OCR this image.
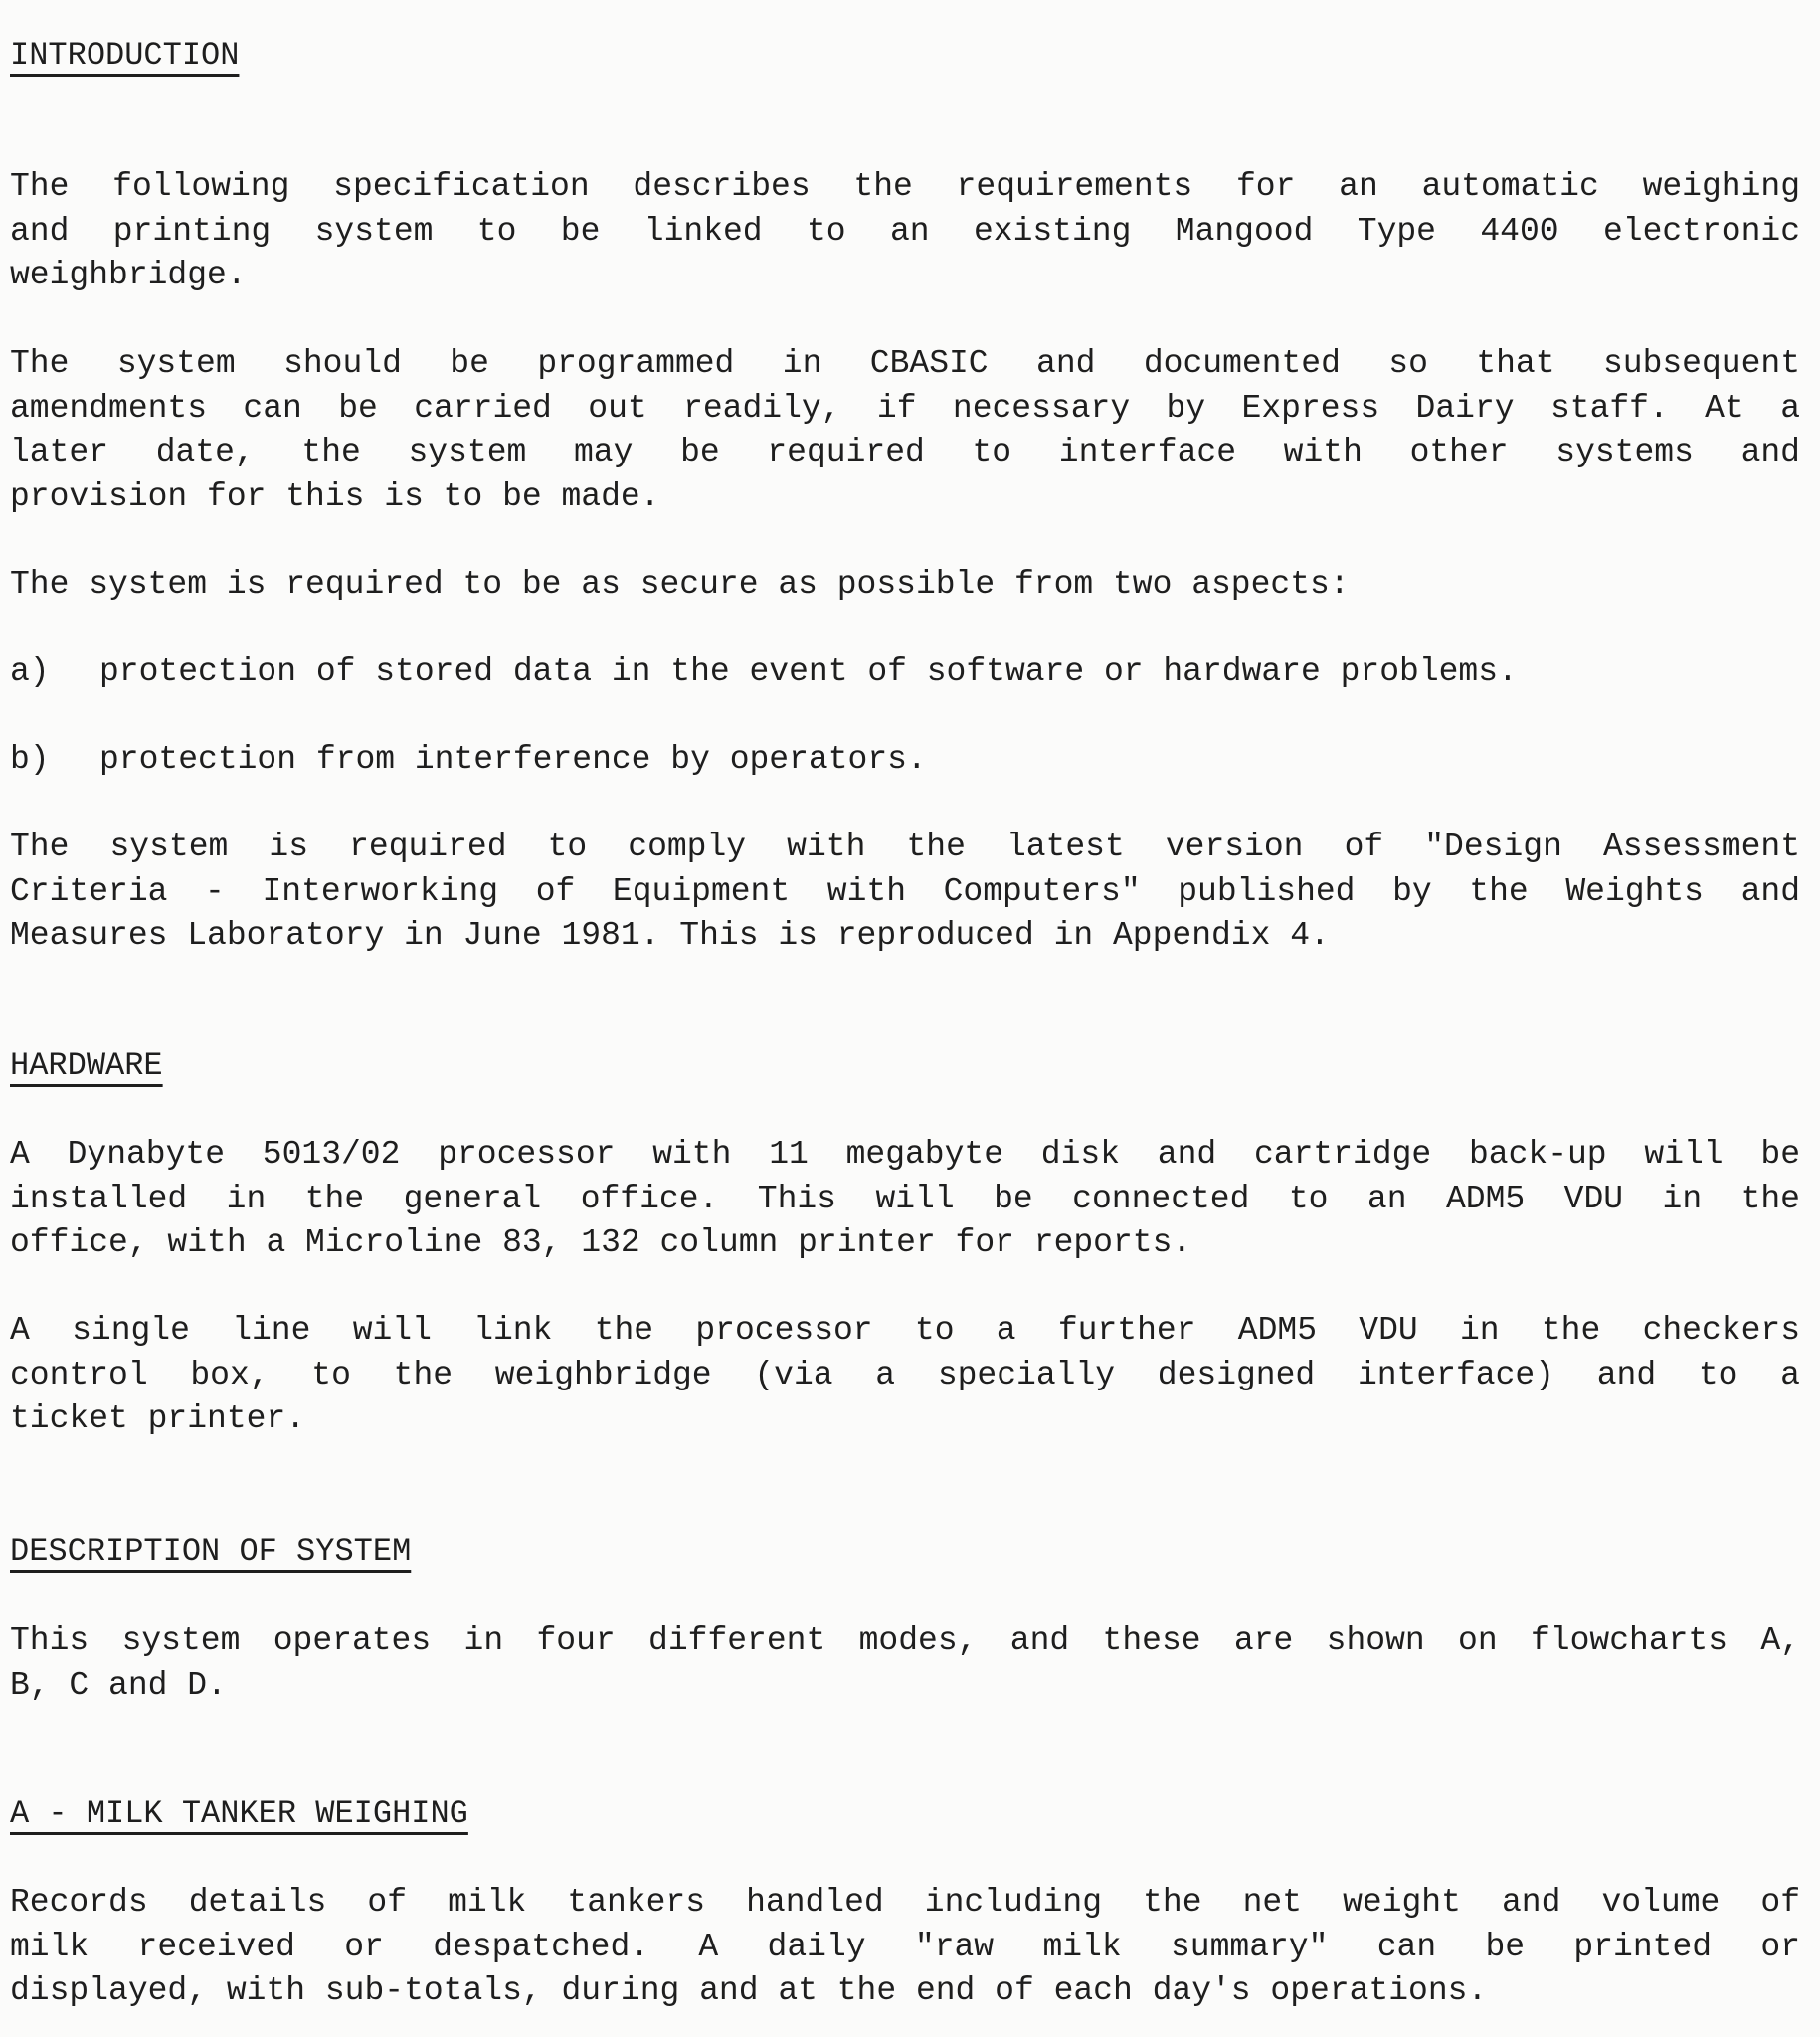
INTRODUCTION
The following specification describes the requirements for an automatic weighing
and printing system to be linked to an existing Mangood Type 4400 electronic
weighbridge.
The system should be programmed in CBASIC and documented so that subsequent
amendments can be carried out readily, if necessary by Express Dairy staff. At a
later date, the system may be required to interface with other systems and
provision for this is to be made.
The system is required to be as secure as possible from two aspects:
a) protection of stored data in the event of software or hardware problems.
b) protection from interference by operators.
The system is required to comply with the latest version of "Design Assessment
Criteria - Interworking of Equipment with Computers" published by the Weights and
Measures Laboratory in June 1981. This is reproduced in Appendix 4.
HARDWARE
A Dynabyte 5013/02 processor with 11 megabyte disk and cartridge back-up will be
installed in the general office. This will be connected to an ADM5 VDU in the
office, with a Microline 83, 132 column printer for reports.
A single line will link the processor to a further ADM5 VDU in the checkers
control box, to the weighbridge (via a specially designed interface) and to a
ticket printer.
DESCRIPTION OF SYSTEM
This system operates in four different modes, and these are shown on flowcharts A,
B, C and D.
A - MILK TANKER WEIGHING
Records details of milk tankers handled including the net weight and volume of
milk received or despatched. A daily "raw milk summary" can be printed or
displayed, with sub-totals, during and at the end of each day's operations.
